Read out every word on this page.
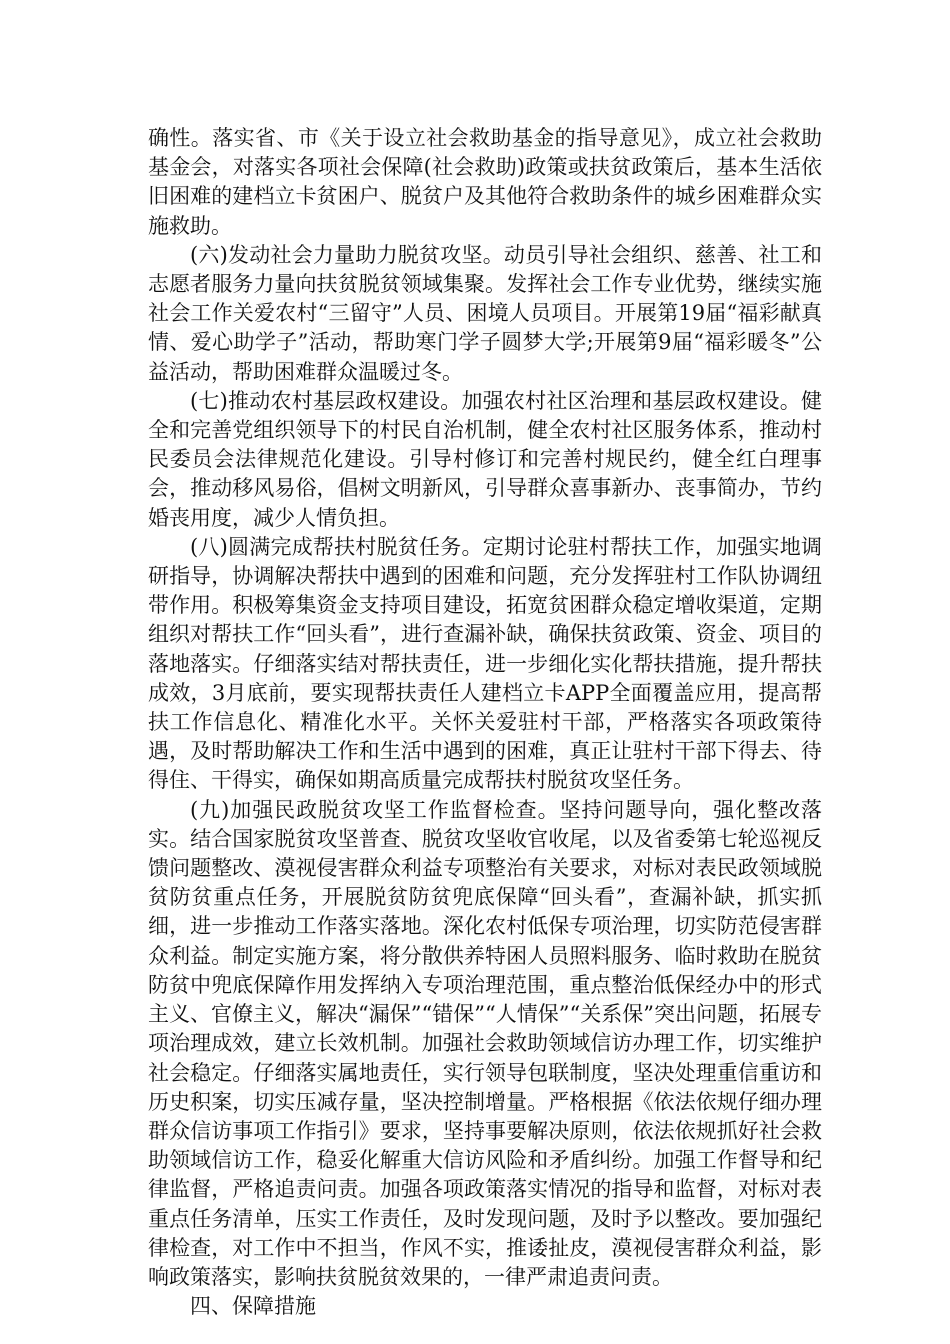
确性。落实省、市《关于设立社会救助基金的指导意见》，成立社会救助基金会，对落实各项社会保障(社会救助)政策或扶贫政策后，基本生活依旧困难的建档立卡贫困户、脱贫户及其他符合救助条件的城乡困难群众实施救助。

(六)发动社会力量助力脱贫攻坚。动员引导社会组织、慈善、社工和志愿者服务力量向扶贫脱贫领域集聚。发挥社会工作专业优势，继续实施社会工作关爱农村“三留守”人员、困境人员项目。开展第19届“福彩献真情、爱心助学子”活动，帮助寒门学子圆梦大学;开展第9届“福彩暖冬”公益活动，帮助困难群众温暖过冬。

(七)推动农村基层政权建设。加强农村社区治理和基层政权建设。健全和完善党组织领导下的村民自治机制，健全农村社区服务体系，推动村民委员会法律规范化建设。引导村修订和完善村规民约，健全红白理事会，推动移风易俗，倡树文明新风，引导群众喜事新办、丧事简办，节约婚丧用度，减少人情负担。

(八)圆满完成帮扶村脱贫任务。定期讨论驻村帮扶工作，加强实地调研指导，协调解决帮扶中遇到的困难和问题，充分发挥驻村工作队协调纽带作用。积极筹集资金支持项目建设，拓宽贫困群众稳定增收渠道，定期组织对帮扶工作“回头看”，进行查漏补缺，确保扶贫政策、资金、项目的落地落实。仔细落实结对帮扶责任，进一步细化实化帮扶措施，提升帮扶成效，3月底前，要实现帮扶责任人建档立卡APP全面覆盖应用，提高帮扶工作信息化、精准化水平。关怀关爱驻村干部，严格落实各项政策待遇，及时帮助解决工作和生活中遇到的困难，真正让驻村干部下得去、待得住、干得实，确保如期高质量完成帮扶村脱贫攻坚任务。

(九)加强民政脱贫攻坚工作监督检查。坚持问题导向，强化整改落实。结合国家脱贫攻坚普查、脱贫攻坚收官收尾，以及省委第七轮巡视反馈问题整改、漠视侵害群众利益专项整治有关要求，对标对表民政领域脱贫防贫重点任务，开展脱贫防贫兜底保障“回头看”，查漏补缺，抓实抓细，进一步推动工作落实落地。深化农村低保专项治理，切实防范侵害群众利益。制定实施方案，将分散供养特困人员照料服务、临时救助在脱贫防贫中兜底保障作用发挥纳入专项治理范围，重点整治低保经办中的形式主义、官僚主义，解决“漏保”“错保”“人情保”“关系保”突出问题，拓展专项治理成效，建立长效机制。加强社会救助领域信访办理工作，切实维护社会稳定。仔细落实属地责任，实行领导包联制度，坚决处理重信重访和历史积案，切实压减存量，坚决控制增量。严格根据《依法依规仔细办理群众信访事项工作指引》要求，坚持事要解决原则，依法依规抓好社会救助领域信访工作，稳妥化解重大信访风险和矛盾纠纷。加强工作督导和纪律监督，严格追责问责。加强各项政策落实情况的指导和监督，对标对表重点任务清单，压实工作责任，及时发现问题，及时予以整改。要加强纪律检查，对工作中不担当，作风不实，推诿扯皮，漠视侵害群众利益，影响政策落实，影响扶贫脱贫效果的，一律严肃追责问责。

四、保障措施
